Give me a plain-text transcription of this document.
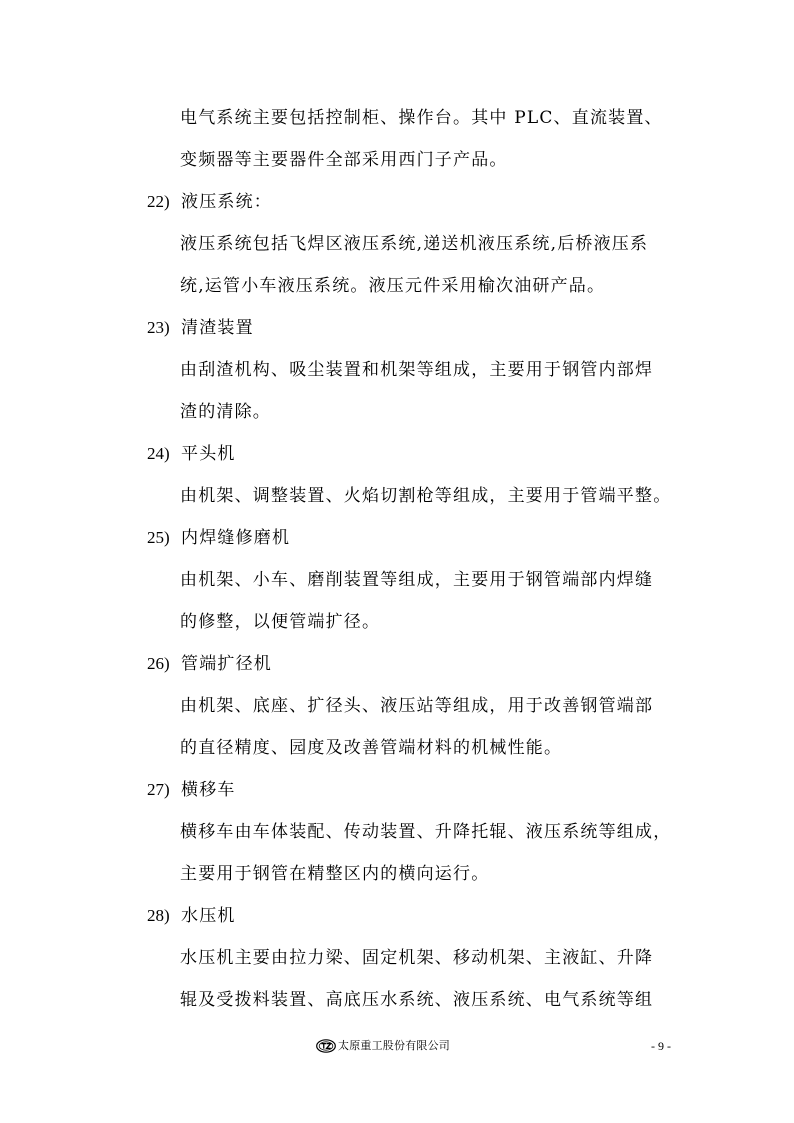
电气系统主要包括控制柜、操作台。其中 PLC、直流装置、
变频器等主要器件全部采用西门子产品。
22) 液压系统：
液压系统包括飞焊区液压系统,递送机液压系统,后桥液压系
统,运管小车液压系统。液压元件采用榆次油研产品。
23) 清渣装置
由刮渣机构、吸尘装置和机架等组成，主要用于钢管内部焊
渣的清除。
24) 平头机
由机架、调整装置、火焰切割枪等组成，主要用于管端平整。
25) 内焊缝修磨机
由机架、小车、磨削装置等组成，主要用于钢管端部内焊缝
的修整，以便管端扩径。
26) 管端扩径机
由机架、底座、扩径头、液压站等组成，用于改善钢管端部
的直径精度、园度及改善管端材料的机械性能。
27) 横移车
横移车由车体装配、传动装置、升降托辊、液压系统等组成，
主要用于钢管在精整区内的横向运行。
28) 水压机
水压机主要由拉力梁、固定机架、移动机架、主液缸、升降
辊及受拨料装置、高底压水系统、液压系统、电气系统等组
太原重工股份有限公司	- 9 -
